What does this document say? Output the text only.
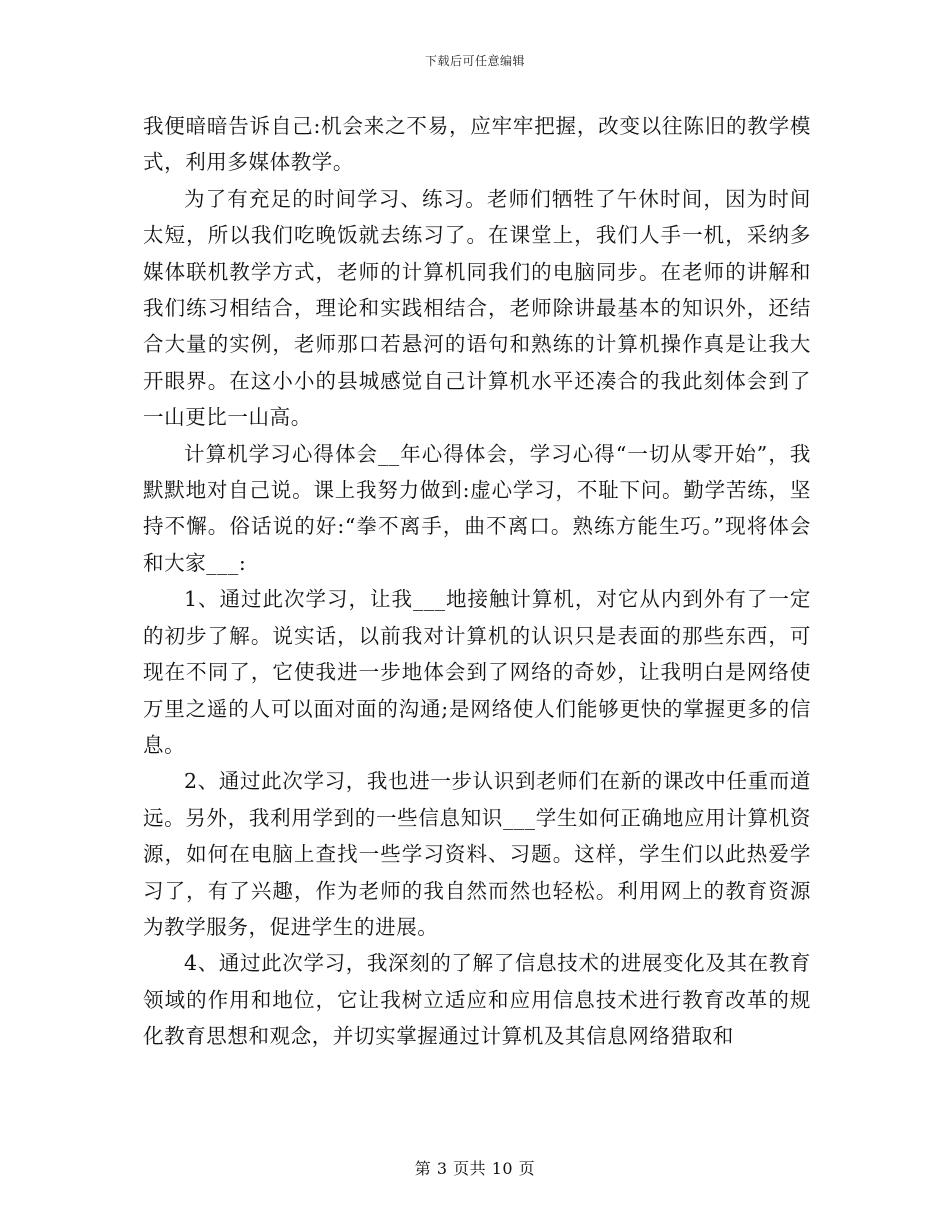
下载后可任意编辑

我便暗暗告诉自己:机会来之不易，应牢牢把握，改变以往陈旧的教学模式，利用多媒体教学。

为了有充足的时间学习、练习。老师们牺牲了午休时间，因为时间太短，所以我们吃晚饭就去练习了。在课堂上，我们人手一机，采纳多媒体联机教学方式，老师的计算机同我们的电脑同步。在老师的讲解和我们练习相结合，理论和实践相结合，老师除讲最基本的知识外，还结合大量的实例，老师那口若悬河的语句和熟练的计算机操作真是让我大开眼界。在这小小的县城感觉自己计算机水平还凑合的我此刻体会到了一山更比一山高。

计算机学习心得体会__年心得体会，学习心得“一切从零开始”，我默默地对自己说。课上我努力做到:虚心学习，不耻下问。勤学苦练，坚持不懈。俗话说的好:“拳不离手，曲不离口。熟练方能生巧。”现将体会和大家___:

1、通过此次学习，让我___地接触计算机，对它从内到外有了一定的初步了解。说实话，以前我对计算机的认识只是表面的那些东西，可现在不同了，它使我进一步地体会到了网络的奇妙，让我明白是网络使万里之遥的人可以面对面的沟通;是网络使人们能够更快的掌握更多的信息。

2、通过此次学习，我也进一步认识到老师们在新的课改中任重而道远。另外，我利用学到的一些信息知识___学生如何正确地应用计算机资源，如何在电脑上查找一些学习资料、习题。这样，学生们以此热爱学习了，有了兴趣，作为老师的我自然而然也轻松。利用网上的教育资源为教学服务，促进学生的进展。

4、通过此次学习，我深刻的了解了信息技术的进展变化及其在教育领域的作用和地位，它让我树立适应和应用信息技术进行教育改革的规化教育思想和观念，并切实掌握通过计算机及其信息网络猎取和

第 3 页共 10 页
